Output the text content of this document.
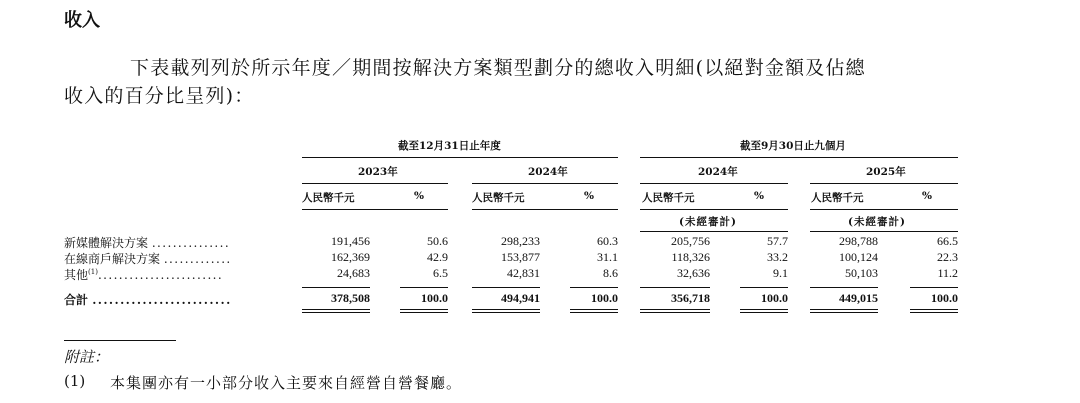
收入
下表載列列於所示年度／期間按解決方案類型劃分的總收入明細(以絕對金額及佔總
收入的百分比呈列)：
截至12月31日止年度	截至9月30日止九個月
2023年	2024年	2024年	2025年
人民幣千元	%	人民幣千元	%	人民幣千元	%	人民幣千元	%
(未經審計)	(未經審計)
新媒體解決方案 ...............	191,456	50.6	298,233	60.3	205,756	57.7	298,788	66.5
在線商戶解決方案 .............	162,369	42.9	153,877	31.1	118,326	33.2	100,124	22.3
其他$^{(1)}$........................	24,683	6.5	42,831	8.6	32,636	9.1	50,103	11.2
合計 .........................	378,508	100.0	494,941	100.0	356,718	100.0	449,015	100.0
附註：
(1) 本集團亦有一小部分收入主要來自經營自營餐廳。
